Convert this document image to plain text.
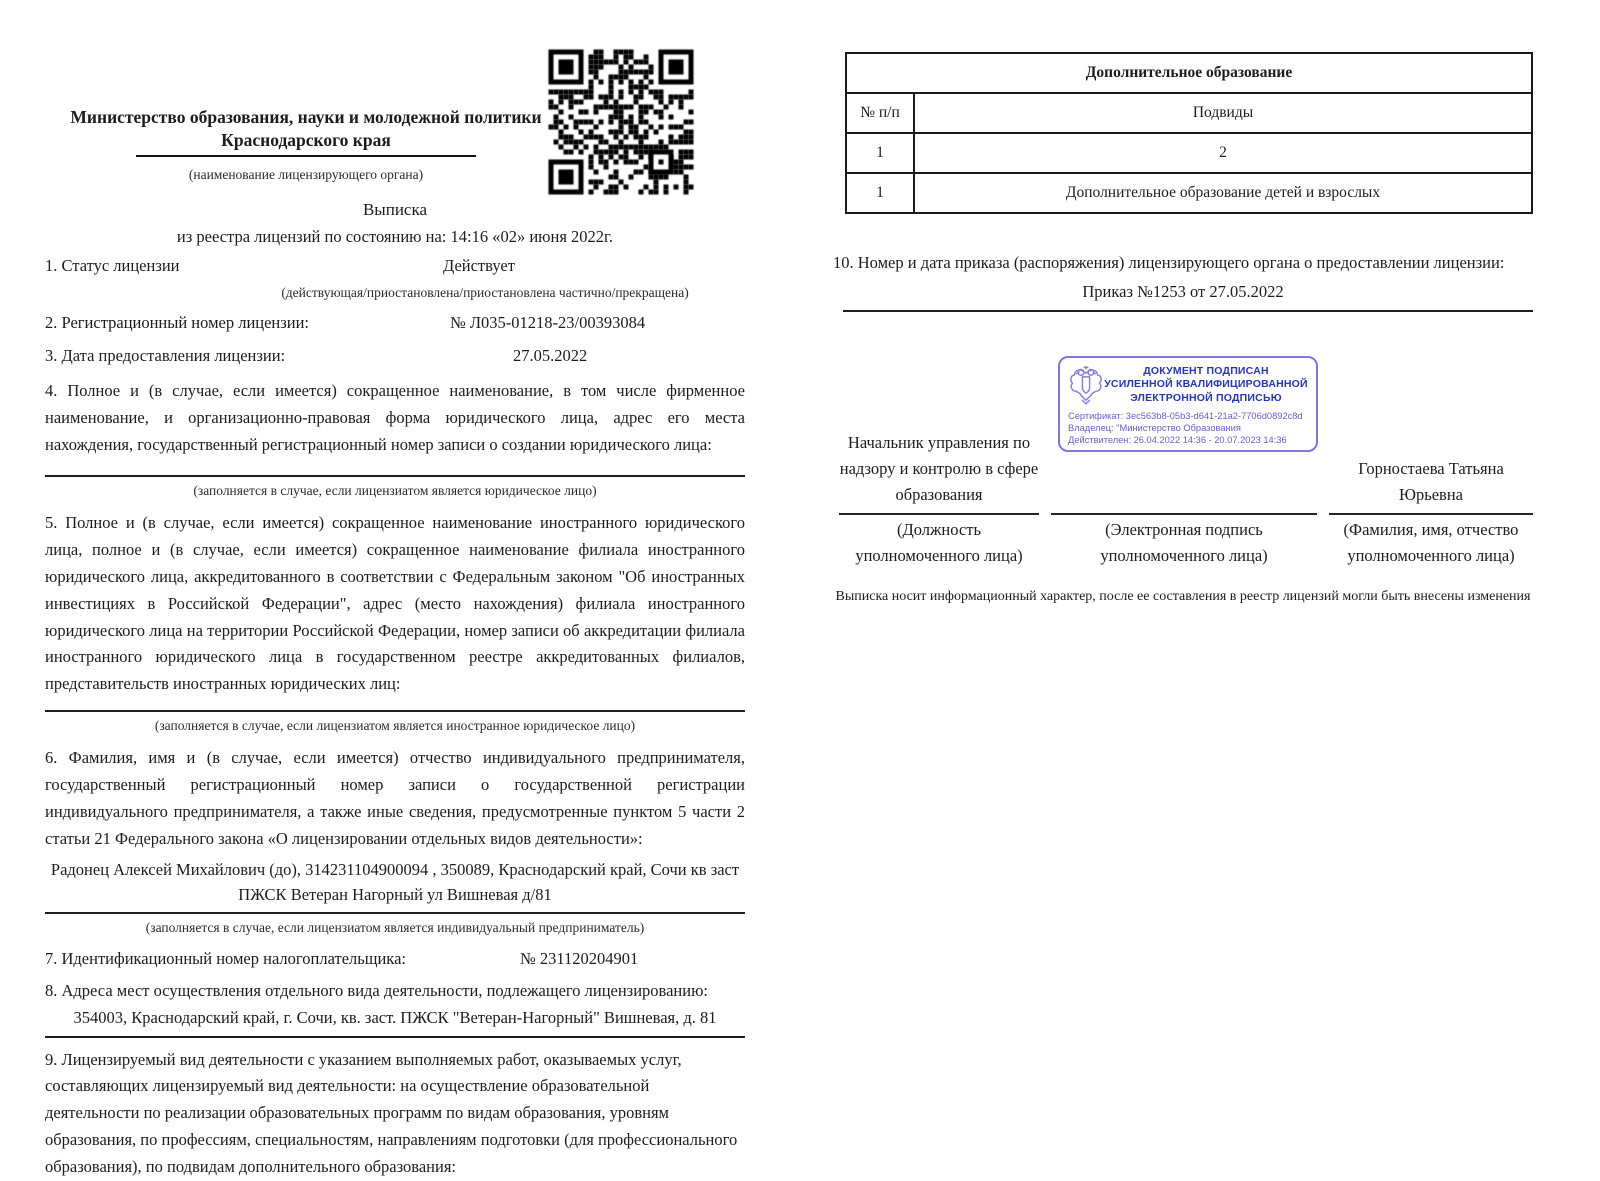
Министерство образования, науки и молодежной политики
Краснодарского края
(наименование лицензирующего органа)
Выписка
из реестра лицензий по состоянию на: 14:16 «02» июня 2022г.
1. Статус лицензии	Действует
(действующая/приостановлена/приостановлена частично/прекращена)
2. Регистрационный номер лицензии:	№ Л035-01218-23/00393084
3. Дата предоставления лицензии:	27.05.2022
4. Полное и (в случае, если имеется) сокращенное наименование, в том числе фирменное наименование, и организационно-правовая форма юридического лица, адрес его места нахождения, государственный регистрационный номер записи о создании юридического лица:
(заполняется в случае, если лицензиатом является юридическое лицо)
5. Полное и (в случае, если имеется) сокращенное наименование иностранного юридического лица, полное и (в случае, если имеется) сокращенное наименование филиала иностранного юридического лица, аккредитованного в соответствии с Федеральным законом "Об иностранных инвестициях в Российской Федерации", адрес (место нахождения) филиала иностранного юридического лица на территории Российской Федерации, номер записи об аккредитации филиала иностранного юридического лица в государственном реестре аккредитованных филиалов, представительств иностранных юридических лиц:
(заполняется в случае, если лицензиатом является иностранное юридическое лицо)
6. Фамилия, имя и (в случае, если имеется) отчество индивидуального предпринимателя, государственный регистрационный номер записи о государственной регистрации индивидуального предпринимателя, а также иные сведения, предусмотренные пунктом 5 части 2 статьи 21 Федерального закона «О лицензировании отдельных видов деятельности»:
Радонец Алексей Михайлович (до), 314231104900094 , 350089, Краснодарский край, Сочи кв заст ПЖСК Ветеран Нагорный ул Вишневая д/81
(заполняется в случае, если лицензиатом является индивидуальный предприниматель)
7. Идентификационный номер налогоплательщика:	№ 231120204901
8. Адреса мест осуществления отдельного вида деятельности, подлежащего лицензированию:
354003, Краснодарский край, г. Сочи, кв. заст. ПЖСК "Ветеран-Нагорный" Вишневая, д. 81
9. Лицензируемый вид деятельности с указанием выполняемых работ, оказываемых услуг, составляющих лицензируемый вид деятельности: на осуществление образовательной деятельности по реализации образовательных программ по видам образования, уровням образования, по профессиям, специальностям, направлениям подготовки (для профессионального образования), по подвидам дополнительного образования:
Дополнительное образование	
№ п/п	Подвиды
1	2
1	Дополнительное образование детей и взрослых
10. Номер и дата приказа (распоряжения) лицензирующего органа о предоставлении лицензии:
Приказ №1253 от 27.05.2022
ДОКУМЕНТ ПОДПИСАН
УСИЛЕННОЙ КВАЛИФИЦИРОВАННОЙ
ЭЛЕКТРОННОЙ ПОДПИСЬЮ
Сертификат: 3ec563b8-05b3-d641-21a2-7706d0892c8d
Владелец: "Министерство Образования
Действителен: 26.04.2022 14:36 - 20.07.2023 14:36
Начальник управления по надзору и контролю в сфере образования
(Должность уполномоченного лица)
(Электронная подпись уполномоченного лица)
Горностаева Татьяна Юрьевна
(Фамилия, имя, отчество уполномоченного лица)
Выписка носит информационный характер, после ее составления в реестр лицензий могли быть внесены изменения
